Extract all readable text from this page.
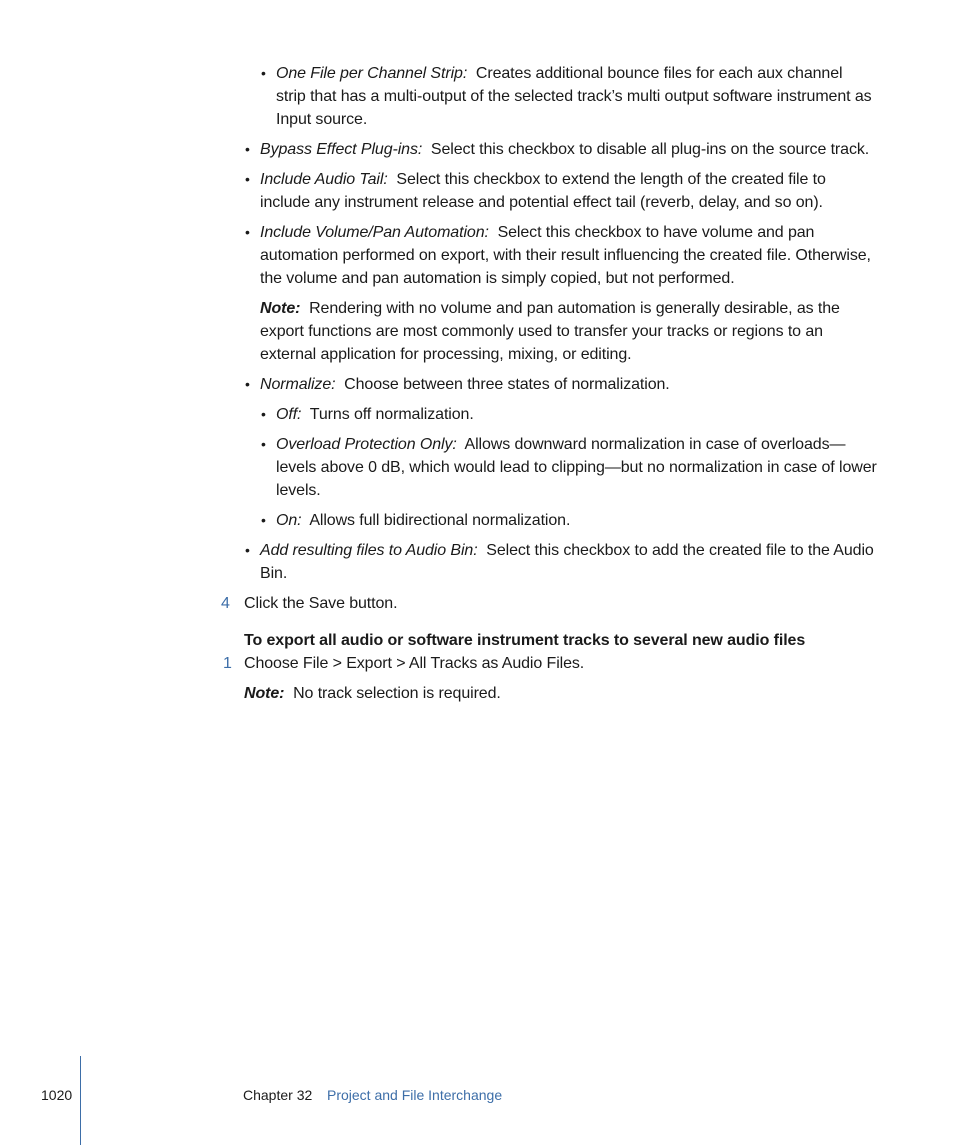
• One File per Channel Strip: Creates additional bounce files for each aux channel strip that has a multi-output of the selected track’s multi output software instrument as Input source.
• Bypass Effect Plug-ins: Select this checkbox to disable all plug-ins on the source track.
• Include Audio Tail: Select this checkbox to extend the length of the created file to include any instrument release and potential effect tail (reverb, delay, and so on).
• Include Volume/Pan Automation: Select this checkbox to have volume and pan automation performed on export, with their result influencing the created file. Otherwise, the volume and pan automation is simply copied, but not performed.
Note: Rendering with no volume and pan automation is generally desirable, as the export functions are most commonly used to transfer your tracks or regions to an external application for processing, mixing, or editing.
• Normalize: Choose between three states of normalization.
• Off: Turns off normalization.
• Overload Protection Only: Allows downward normalization in case of overloads—levels above 0 dB, which would lead to clipping—but no normalization in case of lower levels.
• On: Allows full bidirectional normalization.
• Add resulting files to Audio Bin: Select this checkbox to add the created file to the Audio Bin.
4 Click the Save button.
To export all audio or software instrument tracks to several new audio files
1 Choose File > Export > All Tracks as Audio Files.
Note: No track selection is required.
1020	Chapter 32 Project and File Interchange
